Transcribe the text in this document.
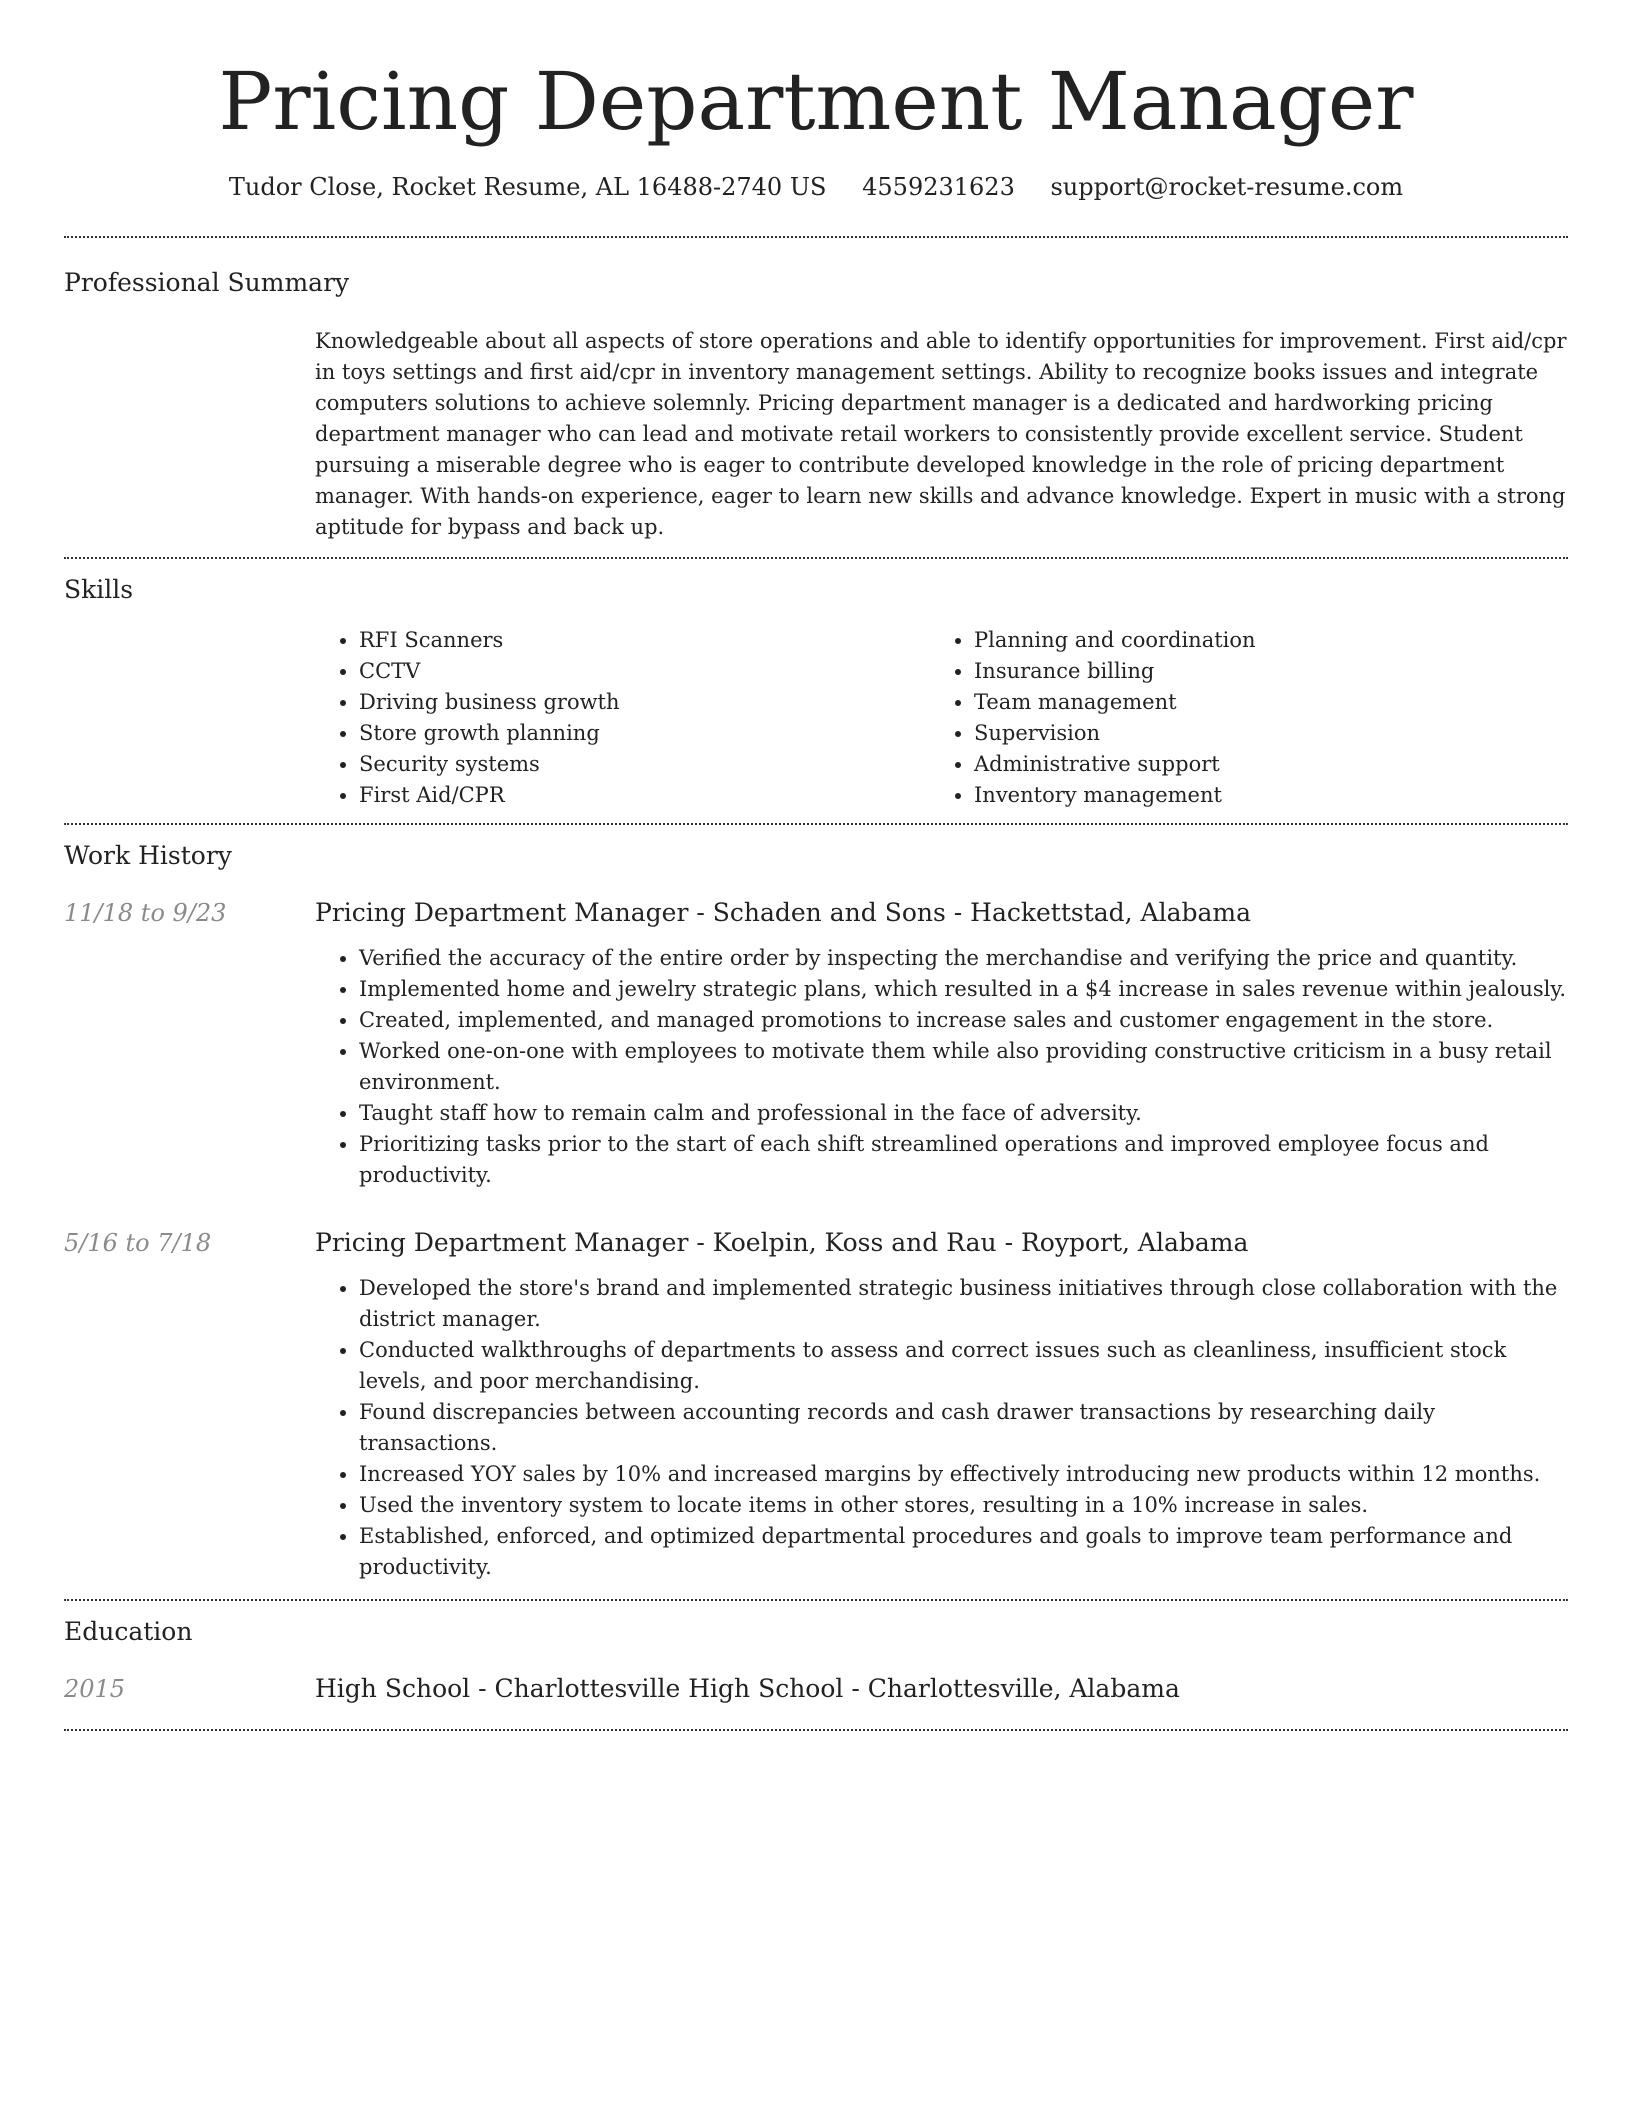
Pricing Department Manager
Tudor Close, Rocket Resume, AL 16488-2740 US 4559231623 support@rocket-resume.com
Professional Summary

Knowledgeable about all aspects of store operations and able to identify opportunities for improvement. First aid/cpr in toys settings and first aid/cpr in inventory management settings. Ability to recognize books issues and integrate computers solutions to achieve solemnly. Pricing department manager is a dedicated and hardworking pricing department manager who can lead and motivate retail workers to consistently provide excellent service. Student pursuing a miserable degree who is eager to contribute developed knowledge in the role of pricing department manager. With hands-on experience, eager to learn new skills and advance knowledge. Expert in music with a strong aptitude for bypass and back up.

Skills
• RFI Scanners
• CCTV
• Driving business growth
• Store growth planning
• Security systems
• First Aid/CPR
• Planning and coordination
• Insurance billing
• Team management
• Supervision
• Administrative support
• Inventory management
Work History
11/18 to 9/23	Pricing Department Manager - Schaden and Sons - Hackettstad, Alabama
• Verified the accuracy of the entire order by inspecting the merchandise and verifying the price and quantity.
• Implemented home and jewelry strategic plans, which resulted in a $4 increase in sales revenue within jealously.
• Created, implemented, and managed promotions to increase sales and customer engagement in the store.
• Worked one-on-one with employees to motivate them while also providing constructive criticism in a busy retail environment.
• Taught staff how to remain calm and professional in the face of adversity.
• Prioritizing tasks prior to the start of each shift streamlined operations and improved employee focus and productivity.
5/16 to 7/18	Pricing Department Manager - Koelpin, Koss and Rau - Royport, Alabama
• Developed the store's brand and implemented strategic business initiatives through close collaboration with the district manager.
• Conducted walkthroughs of departments to assess and correct issues such as cleanliness, insufficient stock levels, and poor merchandising.
• Found discrepancies between accounting records and cash drawer transactions by researching daily transactions.
• Increased YOY sales by 10% and increased margins by effectively introducing new products within 12 months.
• Used the inventory system to locate items in other stores, resulting in a 10% increase in sales.
• Established, enforced, and optimized departmental procedures and goals to improve team performance and productivity.
Education
2015	High School - Charlottesville High School - Charlottesville, Alabama
